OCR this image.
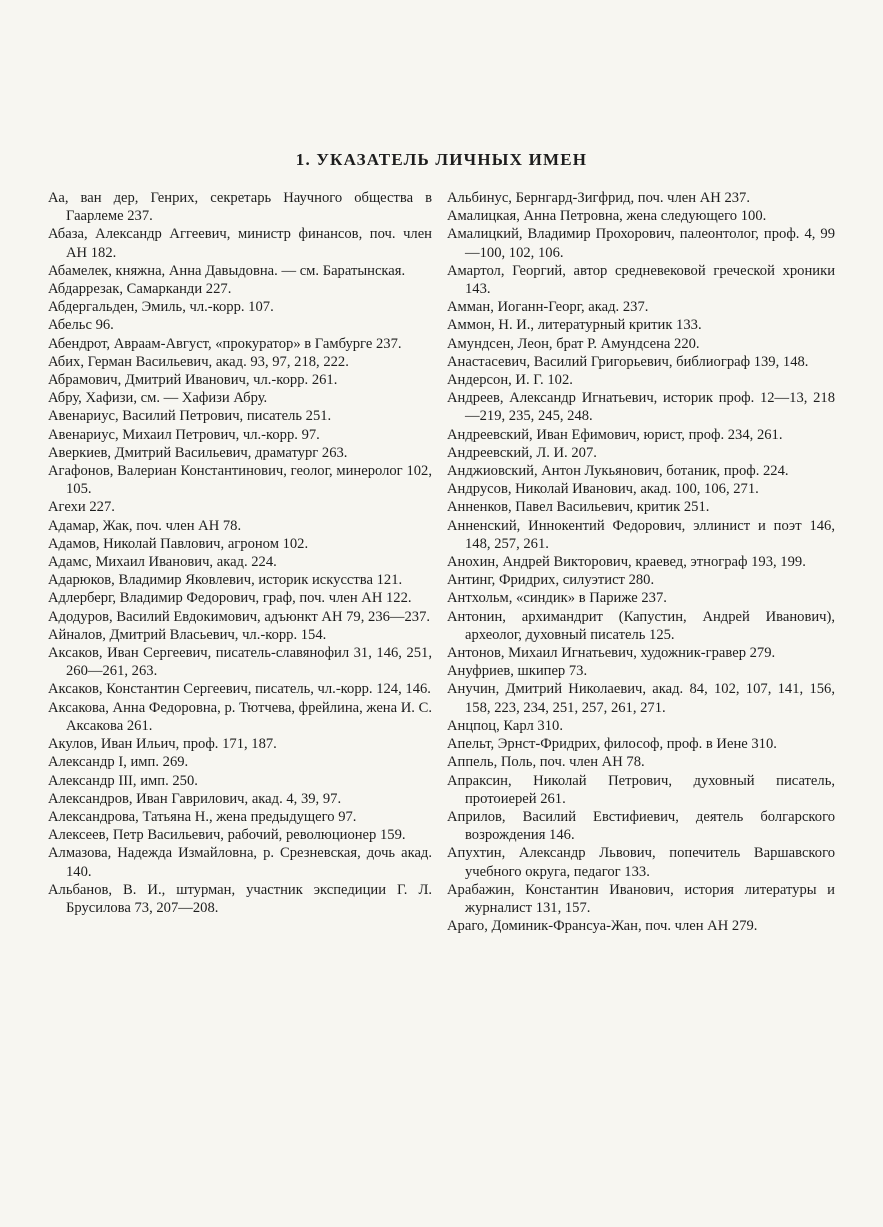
1. УКАЗАТЕЛЬ ЛИЧНЫХ ИМЕН

Аа, ван дер, Генрих, секретарь Научного общества в Гаарлеме 237.

Абаза, Александр Аггеевич, министр финансов, поч. член АН 182.

Абамелек, княжна, Анна Давыдовна. — см. Баратынская.

Абдаррезак, Самарканди 227.

Абдергальден, Эмиль, чл.-корр. 107.

Абельс 96.

Абендрот, Авраам-Август, «прокуратор» в Гамбурге 237.

Абих, Герман Васильевич, акад. 93, 97, 218, 222.

Абрамович, Дмитрий Иванович, чл.-корр. 261.

Абру, Хафизи, см. — Хафизи Абру.

Авенариус, Василий Петрович, писатель 251.

Авенариус, Михаил Петрович, чл.-корр. 97.

Аверкиев, Дмитрий Васильевич, драматург 263.

Агафонов, Валериан Константинович, геолог, минеролог 102, 105.

Агехи 227.

Адамар, Жак, поч. член АН 78.

Адамов, Николай Павлович, агроном 102.

Адамс, Михаил Иванович, акад. 224.

Адарюков, Владимир Яковлевич, историк искусства 121.

Адлерберг, Владимир Федорович, граф, поч. член АН 122.

Адодуров, Василий Евдокимович, адъюнкт АН 79, 236—237.

Айналов, Дмитрий Власьевич, чл.-корр. 154.

Аксаков, Иван Сергеевич, писатель-славянофил 31, 146, 251, 260—261, 263.

Аксаков, Константин Сергеевич, писатель, чл.-корр. 124, 146.

Аксакова, Анна Федоровна, р. Тютчева, фрейлина, жена И. С. Аксакова 261.

Акулов, Иван Ильич, проф. 171, 187.

Александр I, имп. 269.

Александр III, имп. 250.

Александров, Иван Гаврилович, акад. 4, 39, 97.

Александрова, Татьяна Н., жена предыдущего 97.

Алексеев, Петр Васильевич, рабочий, революционер 159.

Алмазова, Надежда Измайловна, р. Срезневская, дочь акад. 140.

Альбанов, В. И., штурман, участник экспедиции Г. Л. Брусилова 73, 207—208.

Альбинус, Бернгард-Зигфрид, поч. член АН 237.

Амалицкая, Анна Петровна, жена следующего 100.

Амалицкий, Владимир Прохорович, палеонтолог, проф. 4, 99—100, 102, 106.

Амартол, Георгий, автор средневековой греческой хроники 143.

Амман, Иоганн-Георг, акад. 237.

Аммон, Н. И., литературный критик 133.

Амундсен, Леон, брат Р. Амундсена 220.

Анастасевич, Василий Григорьевич, библиограф 139, 148.

Андерсон, И. Г. 102.

Андреев, Александр Игнатьевич, историк проф. 12—13, 218—219, 235, 245, 248.

Андреевский, Иван Ефимович, юрист, проф. 234, 261.

Андреевский, Л. И. 207.

Анджиовский, Антон Лукьянович, ботаник, проф. 224.

Андрусов, Николай Иванович, акад. 100, 106, 271.

Анненков, Павел Васильевич, критик 251.

Анненский, Иннокентий Федорович, эллинист и поэт 146, 148, 257, 261.

Анохин, Андрей Викторович, краевед, этнограф 193, 199.

Антинг, Фридрих, силуэтист 280.

Антхольм, «синдик» в Париже 237.

Антонин, архимандрит (Капустин, Андрей Иванович), археолог, духовный писатель 125.

Антонов, Михаил Игнатьевич, художник-гравер 279.

Ануфриев, шкипер 73.

Анучин, Дмитрий Николаевич, акад. 84, 102, 107, 141, 156, 158, 223, 234, 251, 257, 261, 271.

Анцпоц, Карл 310.

Апельт, Эрнст-Фридрих, философ, проф. в Иене 310.

Аппель, Поль, поч. член АН 78.

Апраксин, Николай Петрович, духовный писатель, протоиерей 261.

Априлов, Василий Евстифиевич, деятель болгарского возрождения 146.

Апухтин, Александр Львович, попечитель Варшавского учебного округа, педагог 133.

Арабажин, Константин Иванович, история литературы и журналист 131, 157.

Араго, Доминик-Франсуа-Жан, поч. член АН 279.
